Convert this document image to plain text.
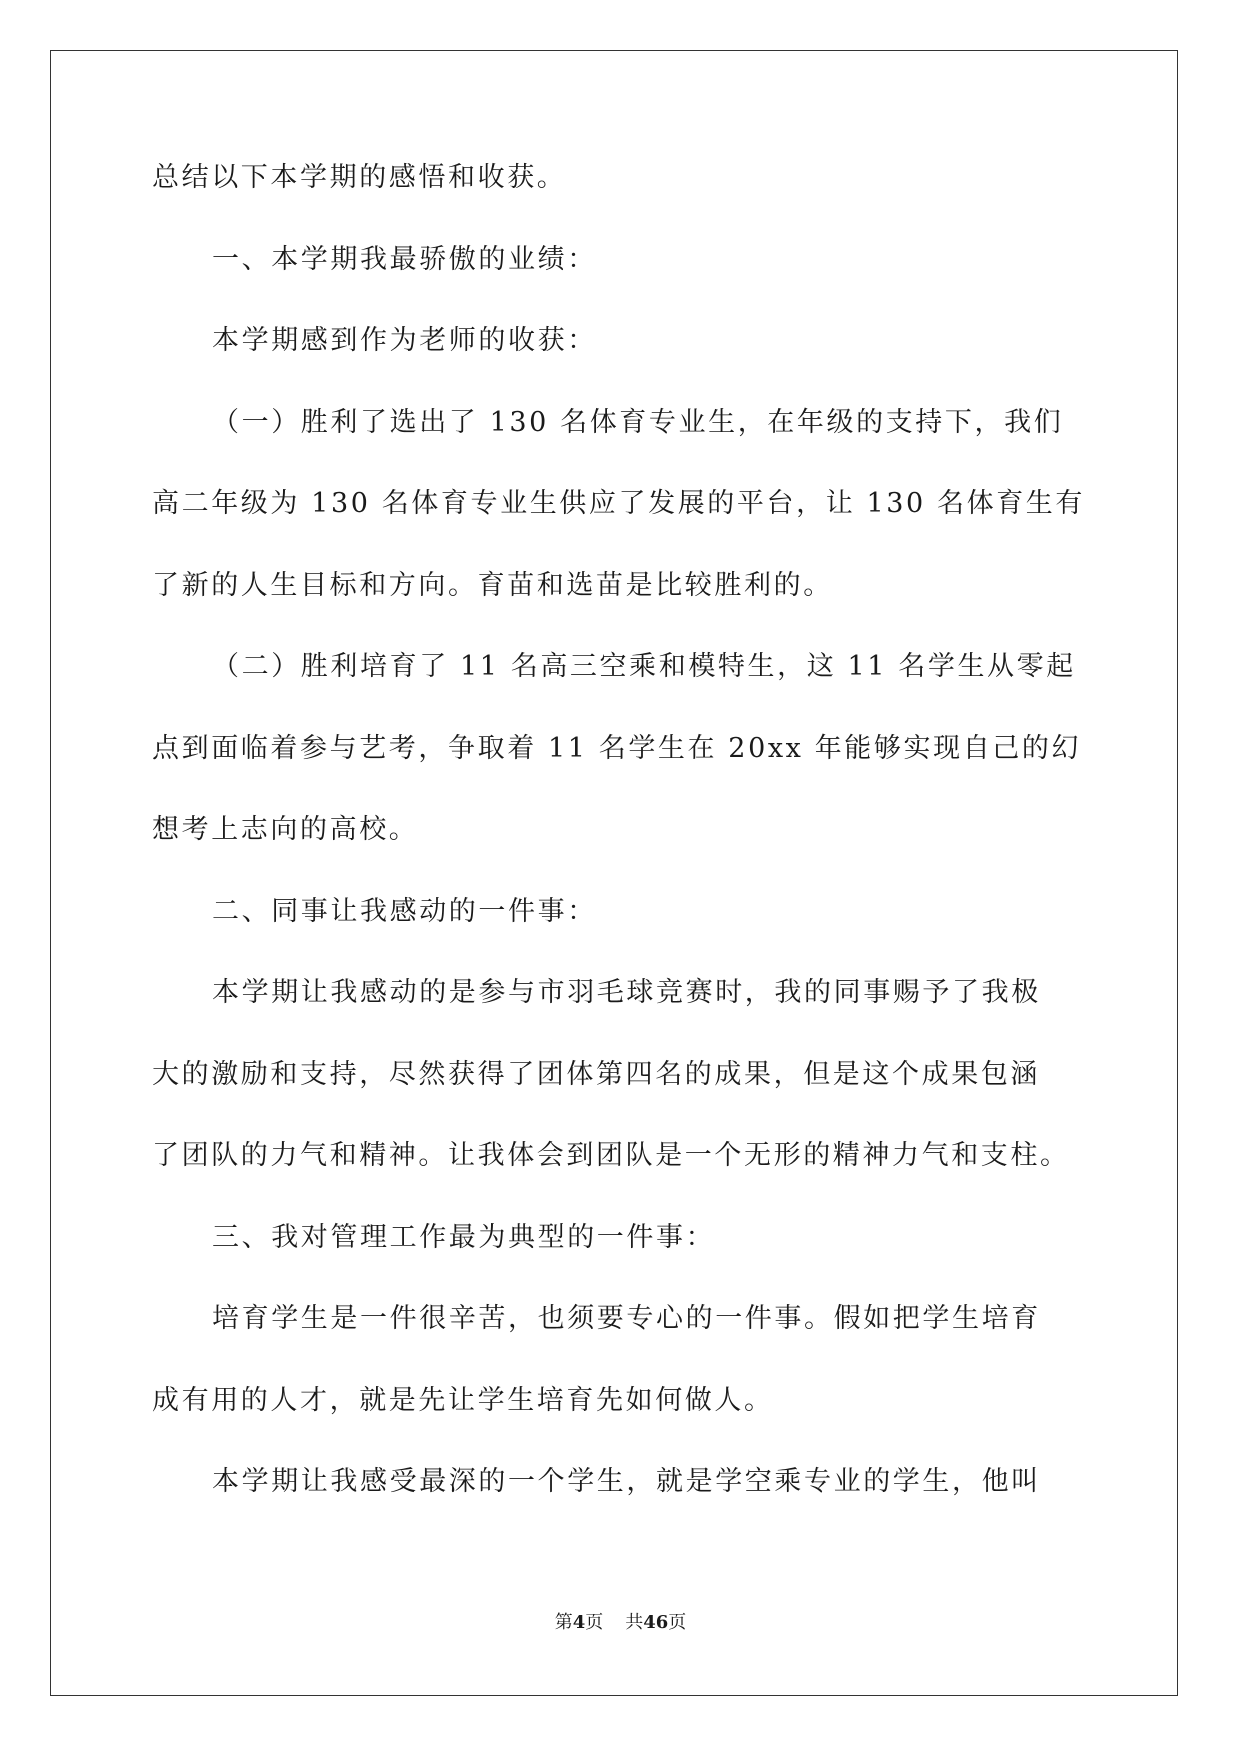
总结以下本学期的感悟和收获。
一、本学期我最骄傲的业绩：
本学期感到作为老师的收获：
（一）胜利了选出了 130 名体育专业生，在年级的支持下，我们
高二年级为 130 名体育专业生供应了发展的平台，让 130 名体育生有
了新的人生目标和方向。育苗和选苗是比较胜利的。
（二）胜利培育了 11 名高三空乘和模特生，这 11 名学生从零起
点到面临着参与艺考，争取着 11 名学生在 20xx 年能够实现自己的幻
想考上志向的高校。
二、同事让我感动的一件事：
本学期让我感动的是参与市羽毛球竞赛时，我的同事赐予了我极
大的激励和支持，尽然获得了团体第四名的成果，但是这个成果包涵
了团队的力气和精神。让我体会到团队是一个无形的精神力气和支柱。
三、我对管理工作最为典型的一件事：
培育学生是一件很辛苦，也须要专心的一件事。假如把学生培育
成有用的人才，就是先让学生培育先如何做人。
本学期让我感受最深的一个学生，就是学空乘专业的学生，他叫
第4页 共46页
